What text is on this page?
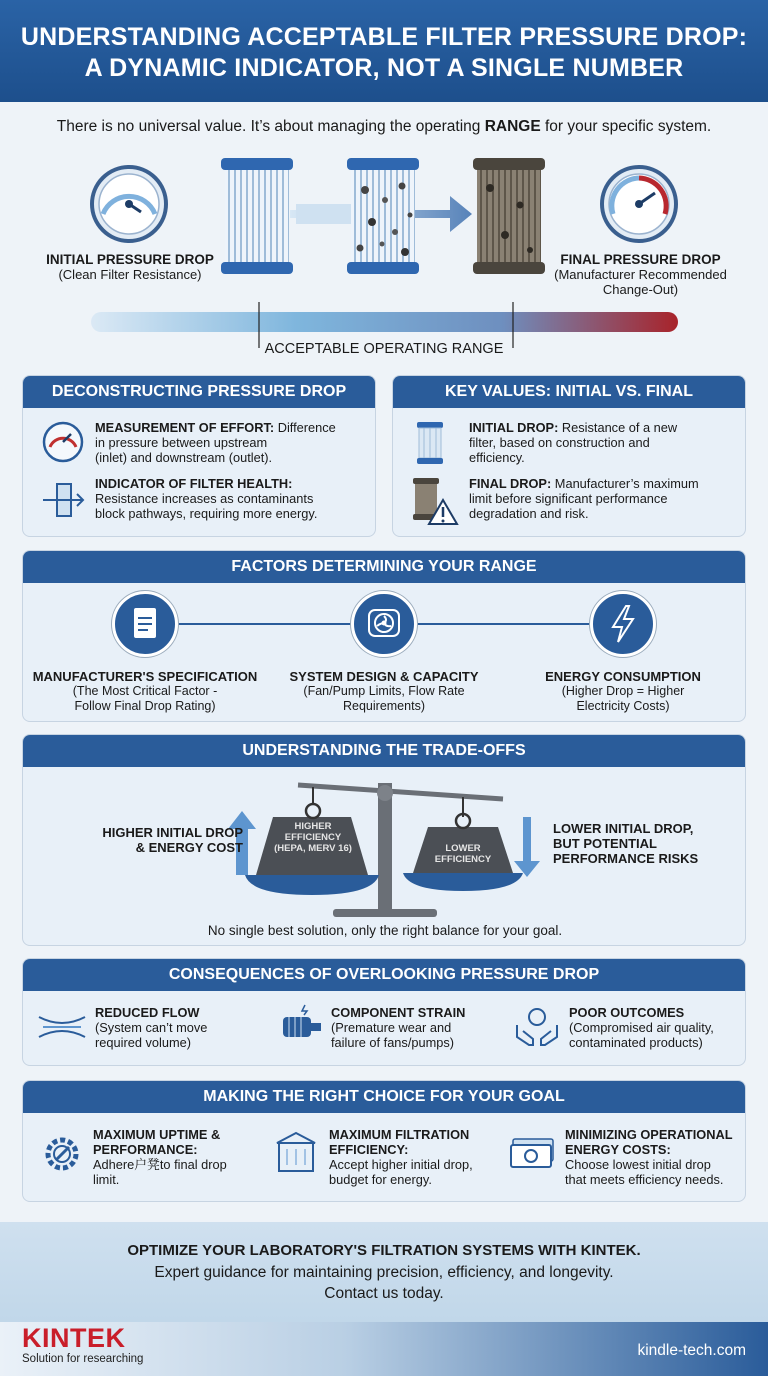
UNDERSTANDING ACCEPTABLE FILTER PRESSURE DROP:
A DYNAMIC INDICATOR, NOT A SINGLE NUMBER
There is no universal value. It’s about managing the operating RANGE for your specific system.
INITIAL PRESSURE DROP
(Clean Filter Resistance)
FINAL PRESSURE DROP
(Manufacturer Recommended
Change-Out)
ACCEPTABLE OPERATING RANGE
DECONSTRUCTING PRESSURE DROP
MEASUREMENT OF EFFORT: Difference
in pressure between upstream
(inlet) and downstream (outlet).
INDICATOR OF FILTER HEALTH:
Resistance increases as contaminants
block pathways, requiring more energy.
KEY VALUES: INITIAL VS. FINAL
INITIAL DROP: Resistance of a new
filter, based on construction and
efficiency.
FINAL DROP: Manufacturer’s maximum
limit before significant performance
degradation and risk.
FACTORS DETERMINING YOUR RANGE
MANUFACTURER'S SPECIFICATION
(The Most Critical Factor -
Follow Final Drop Rating)
SYSTEM DESIGN & CAPACITY
(Fan/Pump Limits, Flow Rate
Requirements)
ENERGY CONSUMPTION
(Higher Drop = Higher
Electricity Costs)
UNDERSTANDING THE TRADE-OFFS
HIGHER INITIAL DROP
& ENERGY COST
HIGHER
EFFICIENCY
(HEPA, MERV 16)	LOWER
EFFICIENCY
LOWER INITIAL DROP,
BUT POTENTIAL
PERFORMANCE RISKS
No single best solution, only the right balance for your goal.
CONSEQUENCES OF OVERLOOKING PRESSURE DROP
REDUCED FLOW
(System can’t move
required volume)
COMPONENT STRAIN
(Premature wear and
failure of fans/pumps)
POOR OUTCOMES
(Compromised air quality,
contaminated products)
MAKING THE RIGHT CHOICE FOR YOUR GOAL
MAXIMUM UPTIME &
PERFORMANCE:
Adhere户凳to final drop
limit.
MAXIMUM FILTRATION
EFFICIENCY:
Accept higher initial drop,
budget for energy.
MINIMIZING OPERATIONAL
ENERGY COSTS:
Choose lowest initial drop
that meets efficiency needs.
OPTIMIZE YOUR LABORATORY'S FILTRATION SYSTEMS WITH KINTEK.
Expert guidance for maintaining precision, efficiency, and longevity.
Contact us today.
KINTEK
Solution for researching	kindle-tech.com
